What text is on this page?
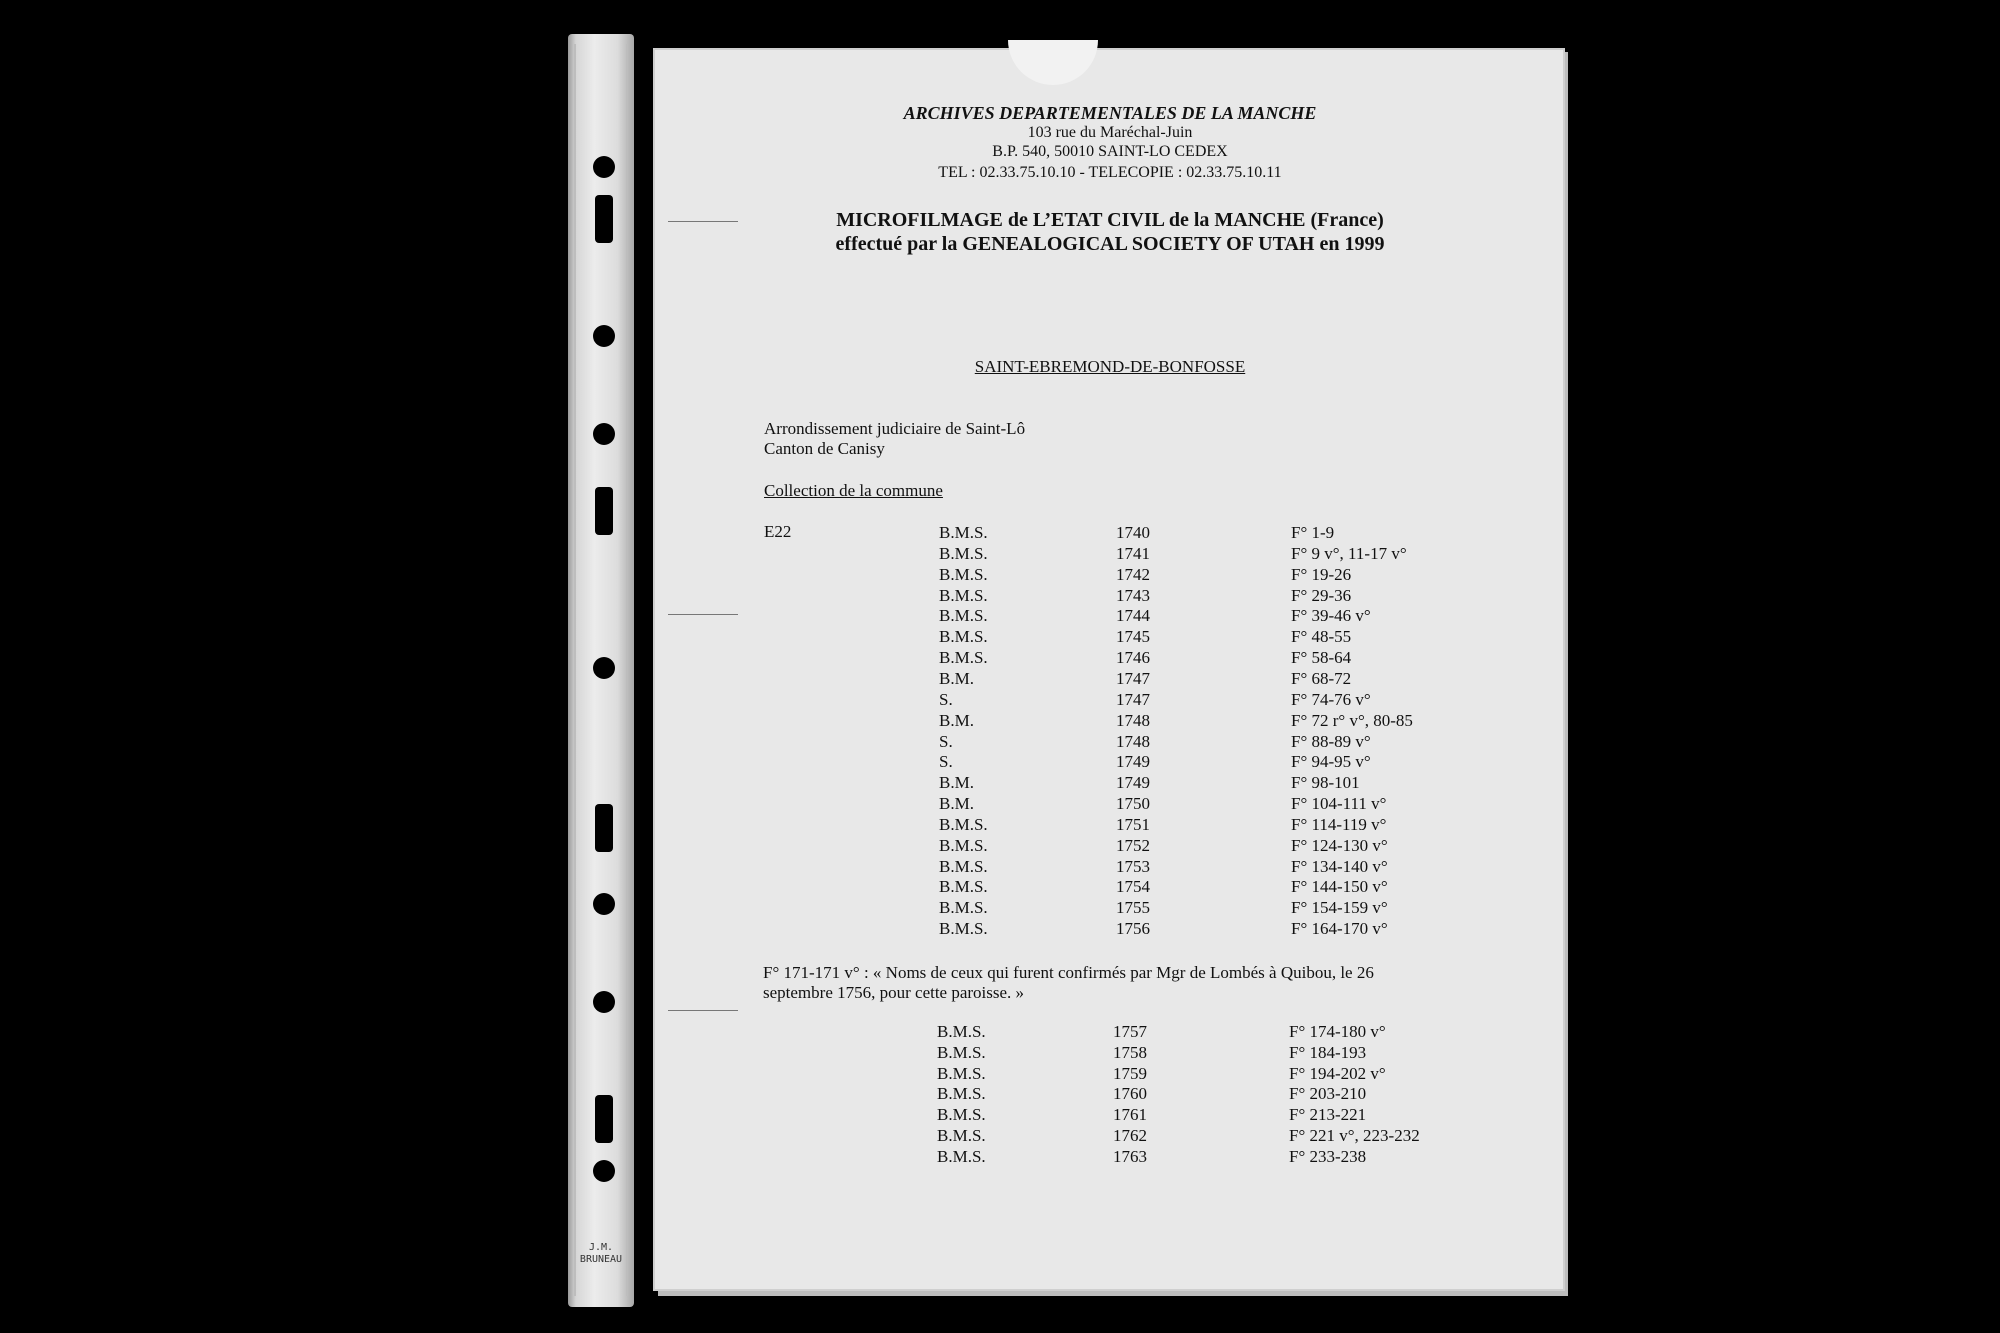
J.M. BRUNEAU
ARCHIVES DEPARTEMENTALES DE LA MANCHE
103 rue du Maréchal-Juin
B.P. 540, 50010 SAINT-LO CEDEX
TEL : 02.33.75.10.10 - TELECOPIE : 02.33.75.10.11
MICROFILMAGE de L’ETAT CIVIL de la MANCHE (France)
effectué par la GENEALOGICAL SOCIETY OF UTAH en 1999
SAINT-EBREMOND-DE-BONFOSSE
Arrondissement judiciaire de Saint-Lô
Canton de Canisy
Collection de la commune
E22	B.M.S.	1740	F° 1-9
B.M.S.	1741	F° 9 v°, 11-17 v°
B.M.S.	1742	F° 19-26
B.M.S.	1743	F° 29-36
B.M.S.	1744	F° 39-46 v°
B.M.S.	1745	F° 48-55
B.M.S.	1746	F° 58-64
B.M.	1747	F° 68-72
S.	1747	F° 74-76 v°
B.M.	1748	F° 72 r° v°, 80-85
S.	1748	F° 88-89 v°
S.	1749	F° 94-95 v°
B.M.	1749	F° 98-101
B.M.	1750	F° 104-111 v°
B.M.S.	1751	F° 114-119 v°
B.M.S.	1752	F° 124-130 v°
B.M.S.	1753	F° 134-140 v°
B.M.S.	1754	F° 144-150 v°
B.M.S.	1755	F° 154-159 v°
B.M.S.	1756	F° 164-170 v°
F° 171-171 v° : « Noms de ceux qui furent confirmés par Mgr de Lombés à Quibou, le 26 septembre 1756, pour cette paroisse. »
B.M.S.	1757	F° 174-180 v°
B.M.S.	1758	F° 184-193
B.M.S.	1759	F° 194-202 v°
B.M.S.	1760	F° 203-210
B.M.S.	1761	F° 213-221
B.M.S.	1762	F° 221 v°, 223-232
B.M.S.	1763	F° 233-238
